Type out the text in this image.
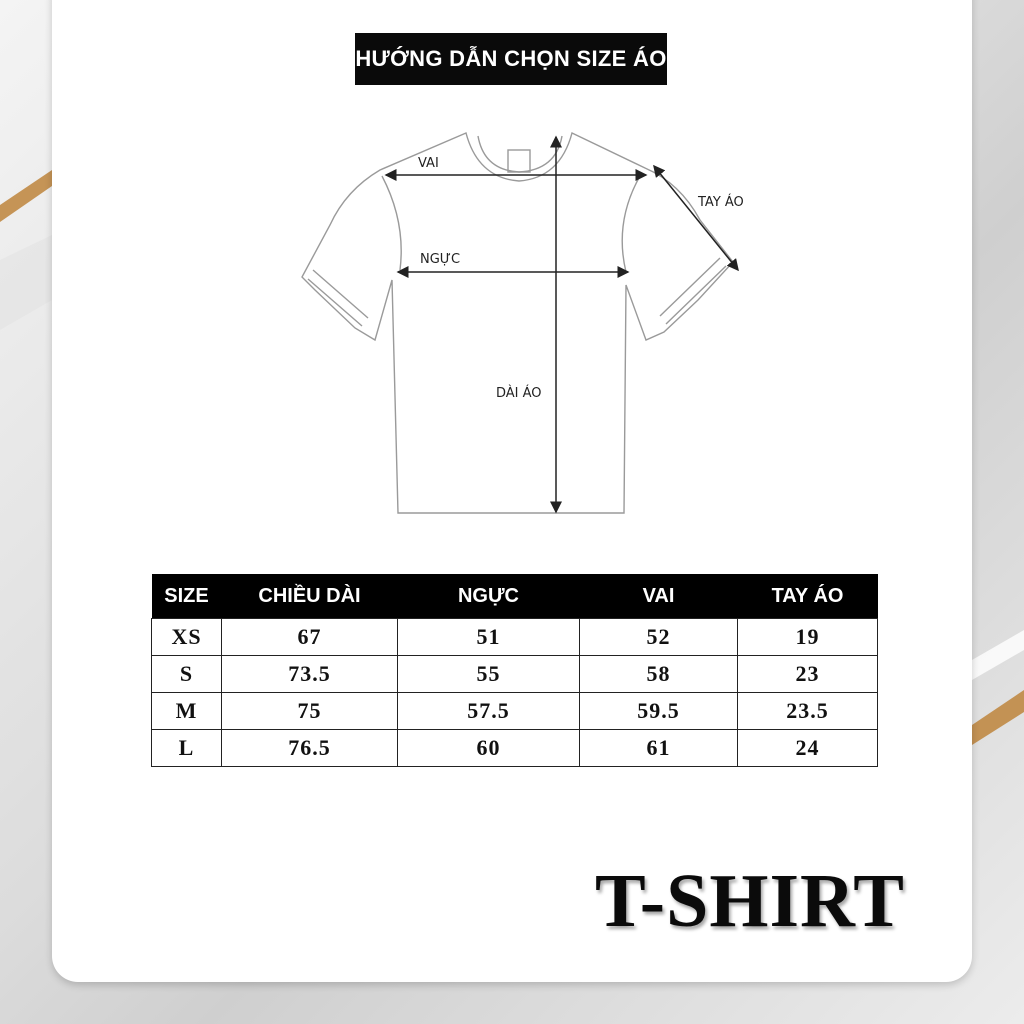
HƯỚNG DẪN CHỌN SIZE ÁO
VAI
NGỰC
DÀI ÁO
TAY ÁO
SIZE	CHIỀU DÀI	NGỰC	VAI	TAY ÁO
XS	67	51	52	19
S	73.5	55	58	23
M	75	57.5	59.5	23.5
L	76.5	60	61	24
T-SHIRT
